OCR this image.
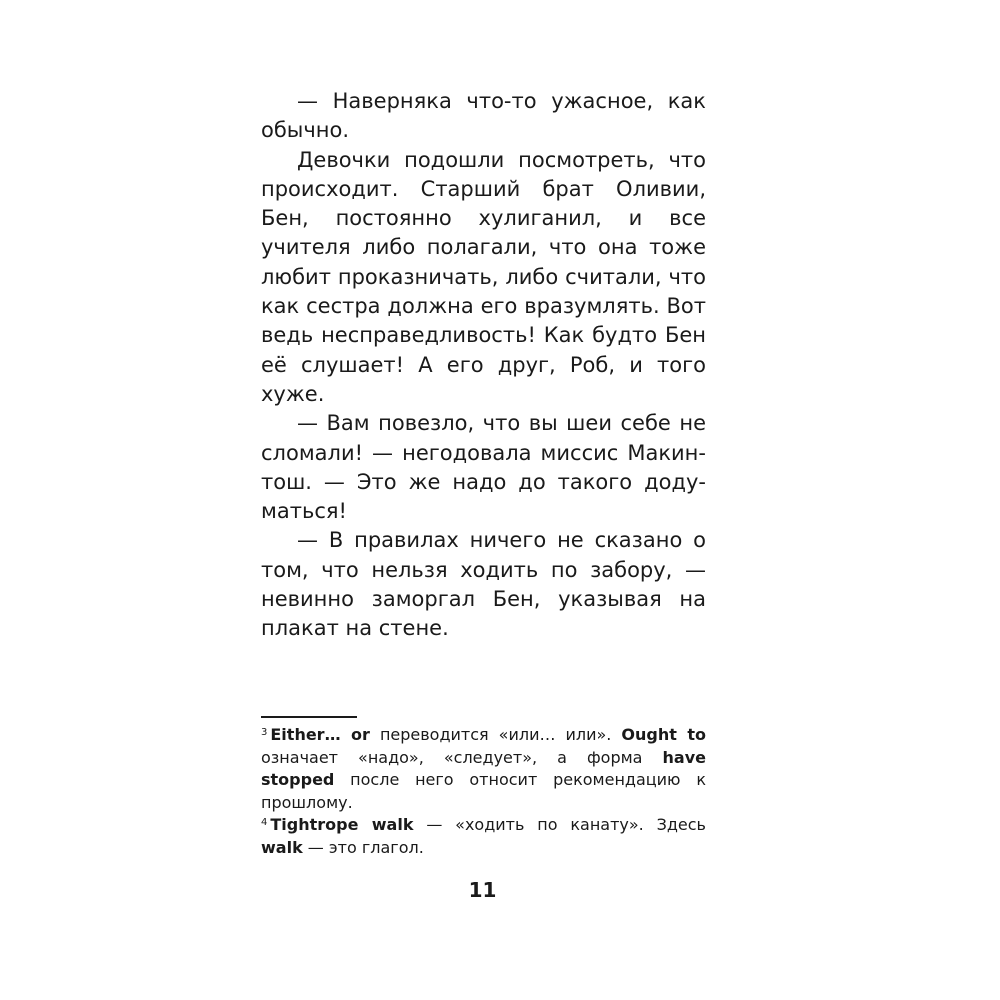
— Наверняка что-то ужасное, как обычно.

Девочки подошли посмотреть, что происходит. Старший брат Оливии, Бен, постоянно хулиганил, и все учителя либо полагали, что она тоже любит проказничать, либо считали, что как сестра должна его вразумлять. Вот ведь несправедливость! Как будто Бен её слушает! А его друг, Роб, и того хуже.

— Вам повезло, что вы шеи себе не сломали! — негодовала миссис Макинтош. — Это же надо до такого додуматься!

— В правилах ничего не сказано о том, что нельзя ходить по забору, — невинно заморгал Бен, указывая на плакат на стене.

$^3$ Either… or переводится «или… или». Ought to означает «надо», «следует», а форма have stopped после него относит рекомендацию к прошлому.

$^4$ Tightrope walk — «ходить по канату». Здесь walk — это глагол.

11
